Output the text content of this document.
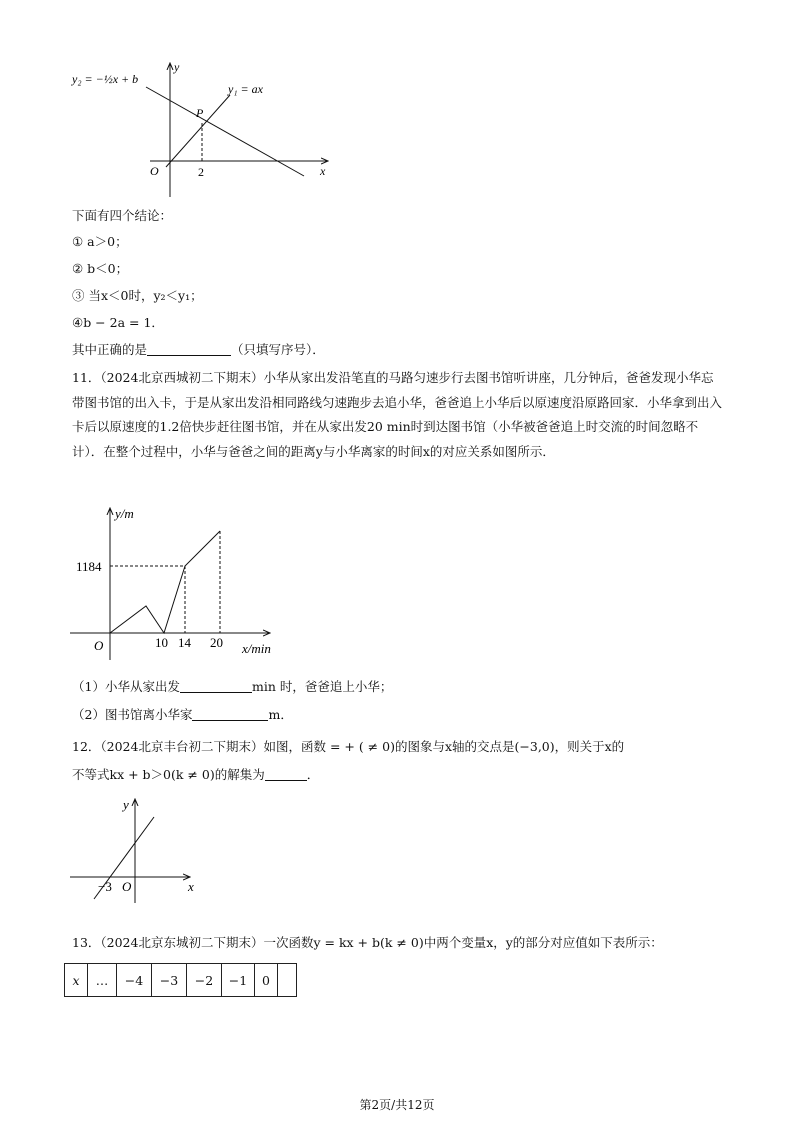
y₂ = −½x + b
y₁ = ax
P
O	x
y
2
下面有四个结论：
① a＞0；
② b＜0；
③ 当x＜0时，y₂＜y₁；
④b − 2a = 1．
其中正确的是	（只填写序号）．
11．（2024北京西城初二下期末）小华从家出发沿笔直的马路匀速步行去图书馆听讲座，几分钟后，爸爸发现小华忘带图书馆的出入卡，于是从家出发沿相同路线匀速跑步去追小华，爸爸追上小华后以原速度沿原路回家．小华拿到出入卡后以原速度的1.2倍快步赶往图书馆，并在从家出发20 min时到达图书馆（小华被爸爸追上时交流的时间忽略不计）．在整个过程中，小华与爸爸之间的距离y与小华离家的时间x的对应关系如图所示．
y/m
x/min
1184
O	10 14 20
（1）小华从家出发	min 时，爸爸追上小华；
（2）图书馆离小华家	m．
12．（2024北京丰台初二下期末）如图，函数 = + ( ≠ 0)的图象与x轴的交点是(−3,0)，则关于x的
不等式kx + b＞0(k ≠ 0)的解集为	．
y
x
−3 O
13．（2024北京东城初二下期末）一次函数y = kx + b(k ≠ 0)中两个变量x，y的部分对应值如下表所示：
x	…	−4	−3	−2	−1	0	
第2页/共12页
